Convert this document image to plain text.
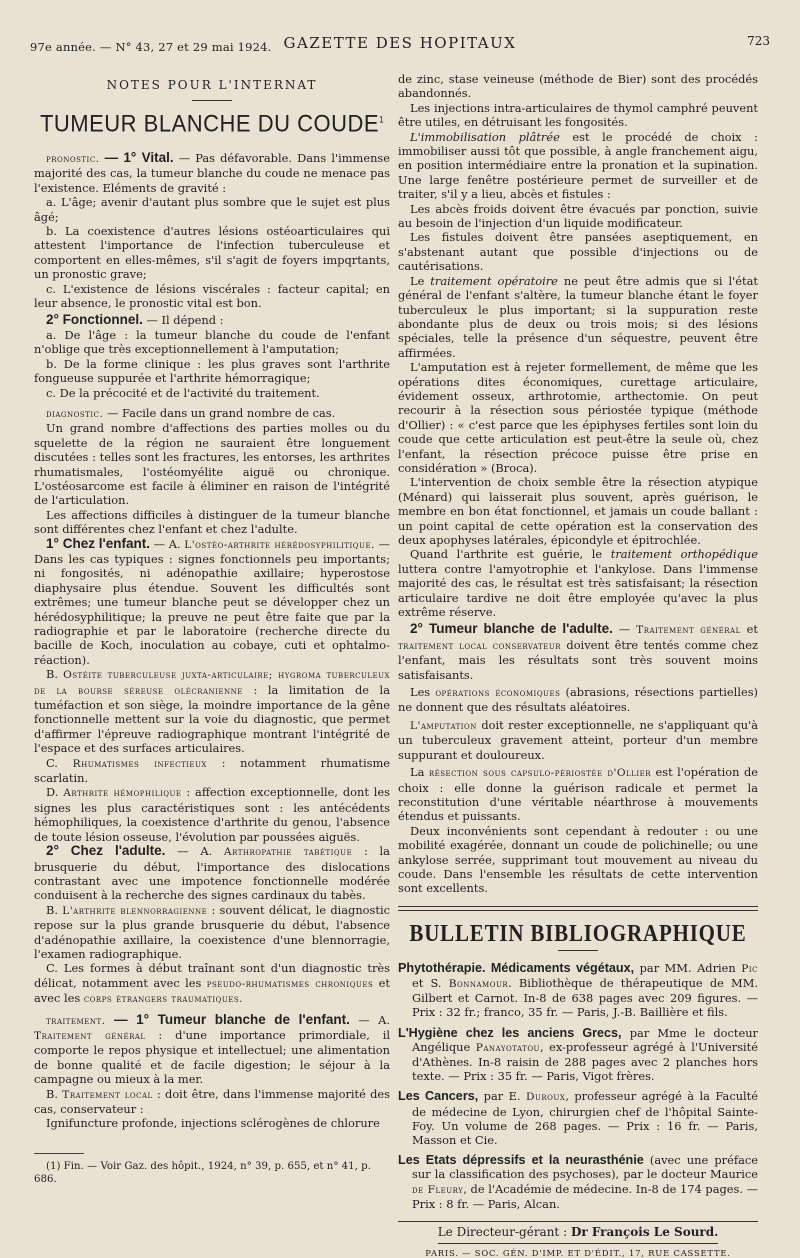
97e année. — N° 43, 27 et 29 mai 1924. GAZETTE DES HOPITAUX	723
NOTES POUR L'INTERNAT
TUMEUR BLANCHE DU COUDE$^1$

pronostic. — 1° Vital. — Pas défavorable. Dans l'immense majorité des cas, la tumeur blanche du coude ne menace pas l'existence. Eléments de gravité :

a. L'âge; avenir d'autant plus sombre que le sujet est plus âgé;

b. La coexistence d'autres lésions ostéoarticulaires qui attestent l'importance de l'infection tuberculeuse et comportent en elles-mêmes, s'il s'agit de foyers impqrtants, un pronostic grave;

c. L'existence de lésions viscérales : facteur capital; en leur absence, le pronostic vital est bon.

2° Fonctionnel. — Il dépend :

a. De l'âge : la tumeur blanche du coude de l'enfant n'oblige que très exceptionnellement à l'amputation;

b. De la forme clinique : les plus graves sont l'arthrite fongueuse suppurée et l'arthrite hémorragique;

c. De la précocité et de l'activité du traitement.

diagnostic. — Facile dans un grand nombre de cas.

Un grand nombre d'affections des parties molles ou du squelette de la région ne sauraient être longuement discutées : telles sont les fractures, les entorses, les arthrites rhumatismales, l'ostéomyélite aiguë ou chronique. L'ostéosarcome est facile à éliminer en raison de l'intégrité de l'articulation.

Les affections difficiles à distinguer de la tumeur blanche sont différentes chez l'enfant et chez l'adulte.

1° Chez l'enfant. — A. L'ostéo-arthrite hérédosyphilitique. — Dans les cas typiques : signes fonctionnels peu importants; ni fongosités, ni adénopathie axillaire; hyperostose diaphysaire plus étendue. Souvent les difficultés sont extrêmes; une tumeur blanche peut se développer chez un hérédosyphilitique; la preuve ne peut être faite que par la radiographie et par le laboratoire (recherche directe du bacille de Koch, inoculation au cobaye, cuti et ophtalmo-réaction).

B. Ostéite tuberculeuse juxta-articulaire; hygroma tuberculeux de la bourse séreuse olécranienne : la limitation de la tuméfaction et son siège, la moindre importance de la gêne fonctionnelle mettent sur la voie du diagnostic, que permet d'affirmer l'épreuve radiographique montrant l'intégrité de l'espace et des surfaces articulaires.

C. Rhumatismes infectieux : notamment rhumatisme scarlatin.

D. Arthrite hémophilique : affection exceptionnelle, dont les signes les plus caractéristiques sont : les antécédents hémophiliques, la coexistence d'arthrite du genou, l'absence de toute lésion osseuse, l'évolution par poussées aiguës.

2° Chez l'adulte. — A. Arthropathie tabétique : la brusquerie du début, l'importance des dislocations contrastant avec une impotence fonctionnelle modérée conduisent à la recherche des signes cardinaux du tabès.

B. L'arthrite blennorragienne : souvent délicat, le diagnostic repose sur la plus grande brusquerie du début, l'absence d'adénopathie axillaire, la coexistence d'une blennorragie, l'examen radiographique.

C. Les formes à début traînant sont d'un diagnostic très délicat, notamment avec les pseudo-rhumatismes chroniques et avec les corps étrangers traumatiques.

traitement. — 1° Tumeur blanche de l'enfant. — A. Traitement général : d'une importance primordiale, il comporte le repos physique et intellectuel; une alimentation de bonne qualité et de facile digestion; le séjour à la campagne ou mieux à la mer.

B. Traitement local : doit être, dans l'immense majorité des cas, conservateur :

Ignifuncture profonde, injections sclérogènes de chlorure

(1) Fin. — Voir Gaz. des hôpit., 1924, n° 39, p. 655, et n° 41, p. 686.

de zinc, stase veineuse (méthode de Bier) sont des procédés abandonnés.

Les injections intra-articulaires de thymol camphré peuvent être utiles, en détruisant les fongosités.

L'immobilisation plâtrée est le procédé de choix : immobiliser aussi tôt que possible, à angle franchement aigu, en position intermédiaire entre la pronation et la supination. Une large fenêtre postérieure permet de surveiller et de traiter, s'il y a lieu, abcès et fistules :

Les abcès froids doivent être évacués par ponction, suivie au besoin de l'injection d'un liquide modificateur.

Les fistules doivent être pansées aseptiquement, en s'abstenant autant que possible d'injections ou de cautérisations.

Le traitement opératoire ne peut être admis que si l'état général de l'enfant s'altère, la tumeur blanche étant le foyer tuberculeux le plus important; si la suppuration reste abondante plus de deux ou trois mois; si des lésions spéciales, telle la présence d'un séquestre, peuvent être affirmées.

L'amputation est à rejeter formellement, de même que les opérations dites économiques, curettage articulaire, évidement osseux, arthrotomie, arthectomie. On peut recourir à la résection sous périostée typique (méthode d'Ollier) : « c'est parce que les épiphyses fertiles sont loin du coude que cette articulation est peut-être la seule où, chez l'enfant, la résection précoce puisse être prise en considération » (Broca).

L'intervention de choix semble être la résection atypique (Ménard) qui laisserait plus souvent, après guérison, le membre en bon état fonctionnel, et jamais un coude ballant : un point capital de cette opération est la conservation des deux apophyses latérales, épicondyle et épitrochlée.

Quand l'arthrite est guérie, le traitement orthopédique luttera contre l'amyotrophie et l'ankylose. Dans l'immense majorité des cas, le résultat est très satisfaisant; la résection articulaire tardive ne doit être employée qu'avec la plus extrême réserve.

2° Tumeur blanche de l'adulte. — Traitement général et traitement local conservateur doivent être tentés comme chez l'enfant, mais les résultats sont très souvent moins satisfaisants.

Les opérations économiques (abrasions, résections partielles) ne donnent que des résultats aléatoires.

L'amputation doit rester exceptionnelle, ne s'appliquant qu'à un tuberculeux gravement atteint, porteur d'un membre suppurant et douloureux.

La résection sous capsulo-périostée d'Ollier est l'opération de choix : elle donne la guérison radicale et permet la reconstitution d'une véritable néarthrose à mouvements étendus et puissants.

Deux inconvénients sont cependant à redouter : ou une mobilité exagérée, donnant un coude de polichinelle; ou une ankylose serrée, supprimant tout mouvement au niveau du coude. Dans l'ensemble les résultats de cette intervention sont excellents.

BULLETIN BIBLIOGRAPHIQUE

Phytothérapie. Médicaments végétaux, par MM. Adrien Pic et S. Bonnamour. Bibliothèque de thérapeutique de MM. Gilbert et Carnot. In-8 de 638 pages avec 209 figures. — Prix : 32 fr.; franco, 35 fr. — Paris, J.-B. Baillière et fils.

L'Hygiène chez les anciens Grecs, par Mme le docteur Angélique Panayotatou, ex-professeur agrégé à l'Université d'Athènes. In-8 raisin de 288 pages avec 2 planches hors texte. — Prix : 35 fr. — Paris, Vigot frères.

Les Cancers, par E. Duroux, professeur agrégé à la Faculté de médecine de Lyon, chirurgien chef de l'hôpital Sainte-Foy. Un volume de 268 pages. — Prix : 16 fr. — Paris, Masson et Cie.

Les Etats dépressifs et la neurasthénie (avec une préface sur la classification des psychoses), par le docteur Maurice de Fleury, de l'Académie de médecine. In-8 de 174 pages. — Prix : 8 fr. — Paris, Alcan.

Le Directeur-gérant : Dr François Le Sourd.
PARIS. — SOC. GÉN. D'IMP. ET D'ÉDIT., 17, RUE CASSETTE.
